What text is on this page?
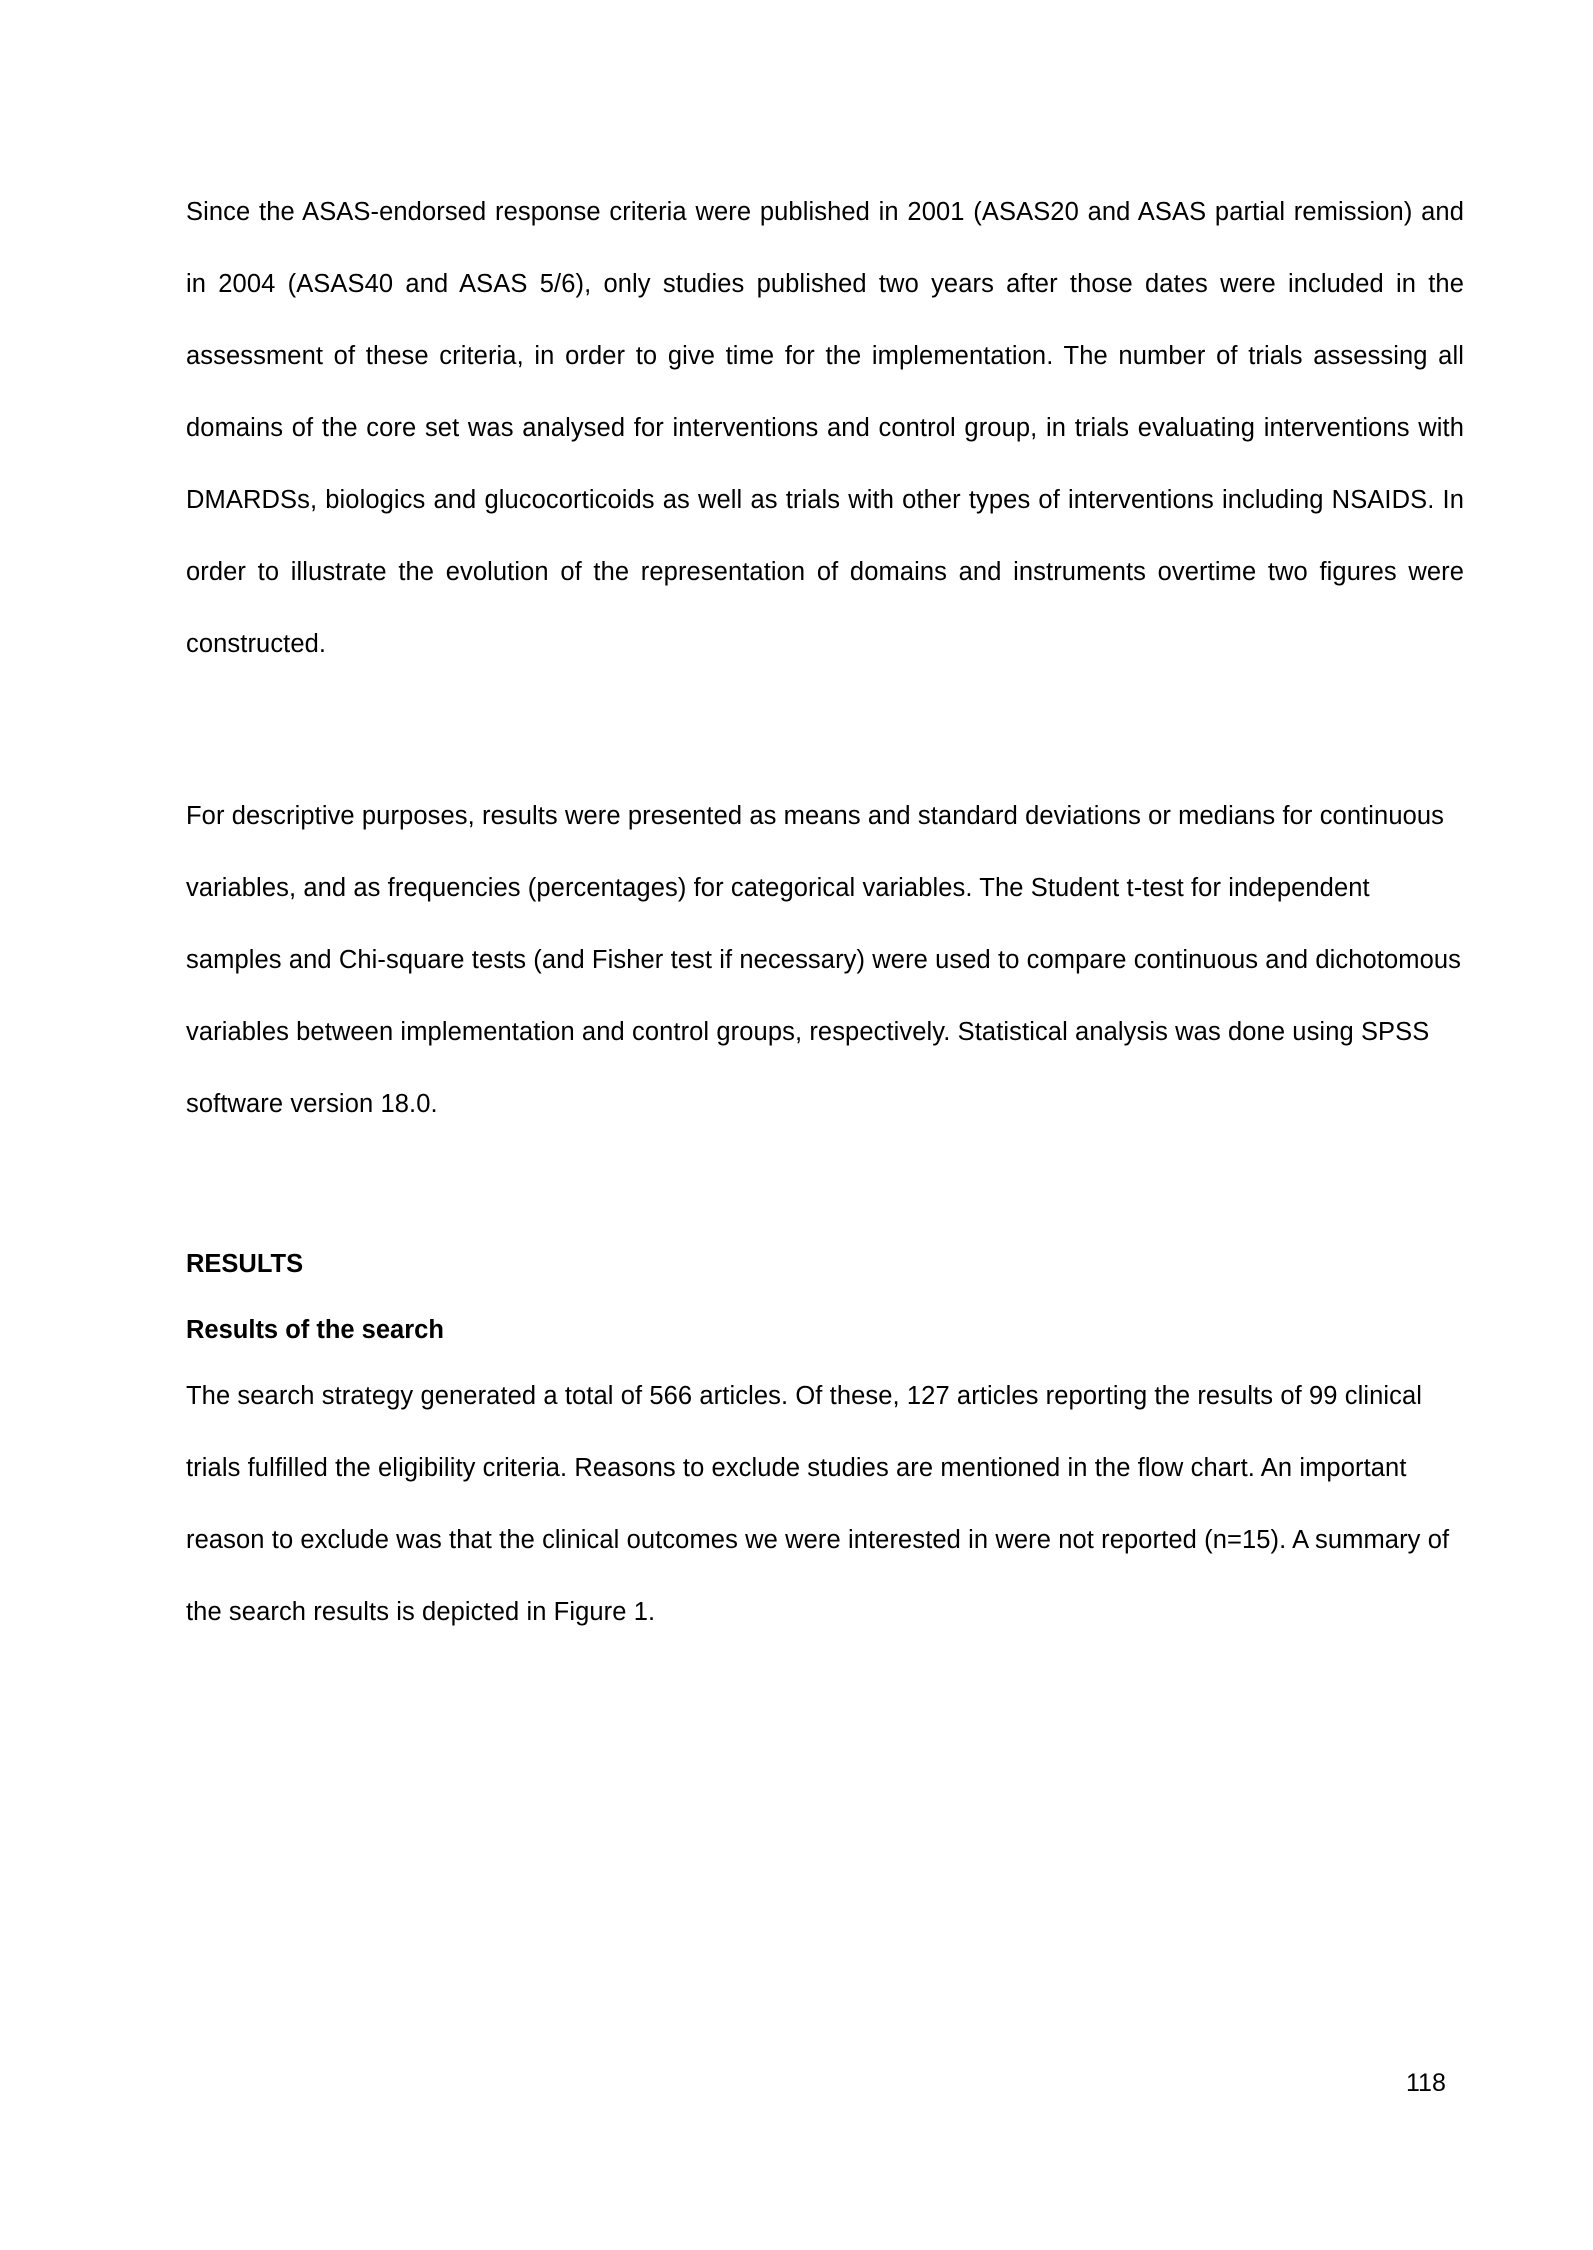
Since the ASAS-endorsed response criteria were published in 2001 (ASAS20 and ASAS partial remission) and in 2004 (ASAS40 and ASAS 5/6), only studies published two years after those dates were included in the assessment of these criteria, in order to give time for the implementation. The number of trials assessing all domains of the core set was analysed for interventions and control group, in trials evaluating interventions with DMARDSs, biologics and glucocorticoids as well as trials with other types of interventions including NSAIDS. In order to illustrate the evolution of the representation of domains and instruments overtime two figures were constructed.

For descriptive purposes, results were presented as means and standard deviations or medians for continuous variables, and as frequencies (percentages) for categorical variables. The Student t-test for independent samples and Chi-square tests (and Fisher test if necessary) were used to compare continuous and dichotomous variables between implementation and control groups, respectively. Statistical analysis was done using SPSS software version 18.0.

RESULTS
Results of the search

The search strategy generated a total of 566 articles. Of these, 127 articles reporting the results of 99 clinical trials fulfilled the eligibility criteria. Reasons to exclude studies are mentioned in the flow chart. An important reason to exclude was that the clinical outcomes we were interested in were not reported (n=15). A summary of the search results is depicted in Figure 1.

118
